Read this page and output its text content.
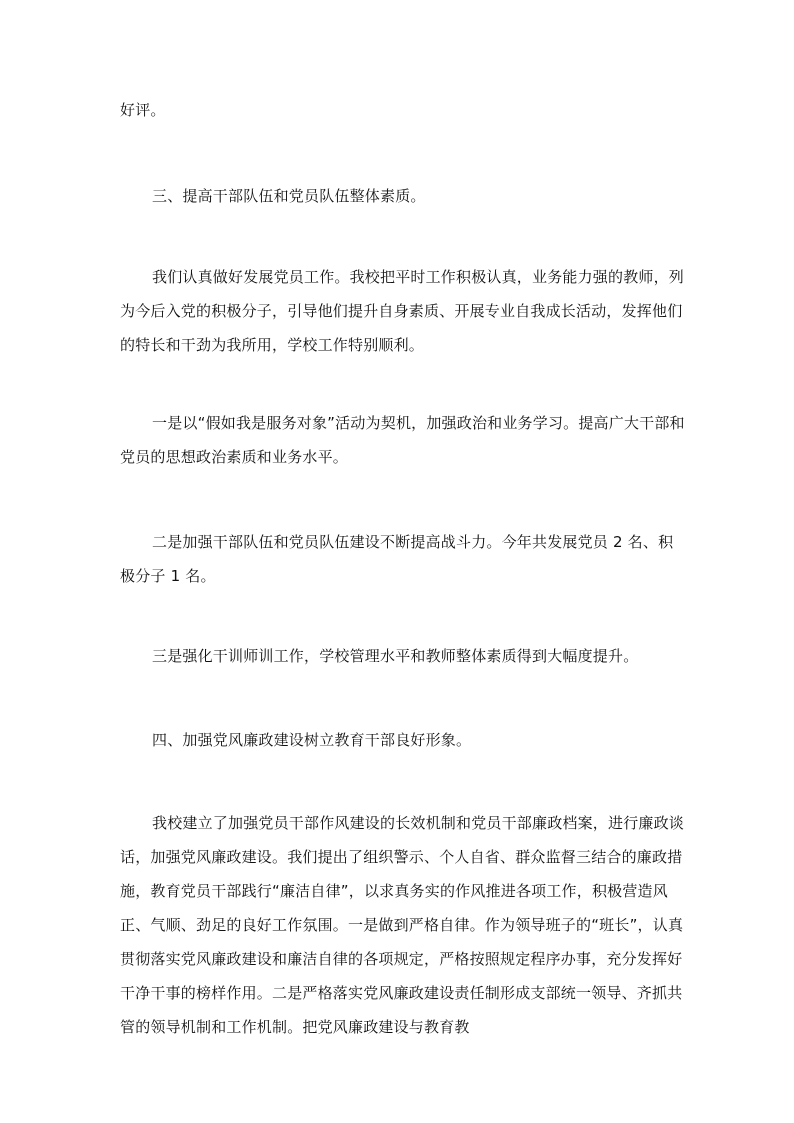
好评。

三、提高干部队伍和党员队伍整体素质。

我们认真做好发展党员工作。我校把平时工作积极认真，业务能力强的教师，列为今后入党的积极分子，引导他们提升自身素质、开展专业自我成长活动，发挥他们的特长和干劲为我所用，学校工作特别顺利。

一是以“假如我是服务对象”活动为契机，加强政治和业务学习。提高广大干部和党员的思想政治素质和业务水平。

二是加强干部队伍和党员队伍建设不断提高战斗力。今年共发展党员 2 名、积极分子 1 名。

三是强化干训师训工作，学校管理水平和教师整体素质得到大幅度提升。

四、加强党风廉政建设树立教育干部良好形象。

我校建立了加强党员干部作风建设的长效机制和党员干部廉政档案，进行廉政谈话，加强党风廉政建设。我们提出了组织警示、个人自省、群众监督三结合的廉政措施，教育党员干部践行“廉洁自律”，以求真务实的作风推进各项工作，积极营造风正、气顺、劲足的良好工作氛围。一是做到严格自律。作为领导班子的“班长”，认真贯彻落实党风廉政建设和廉洁自律的各项规定，严格按照规定程序办事，充分发挥好干净干事的榜样作用。二是严格落实党风廉政建设责任制形成支部统一领导、齐抓共管的领导机制和工作机制。把党风廉政建设与教育教
